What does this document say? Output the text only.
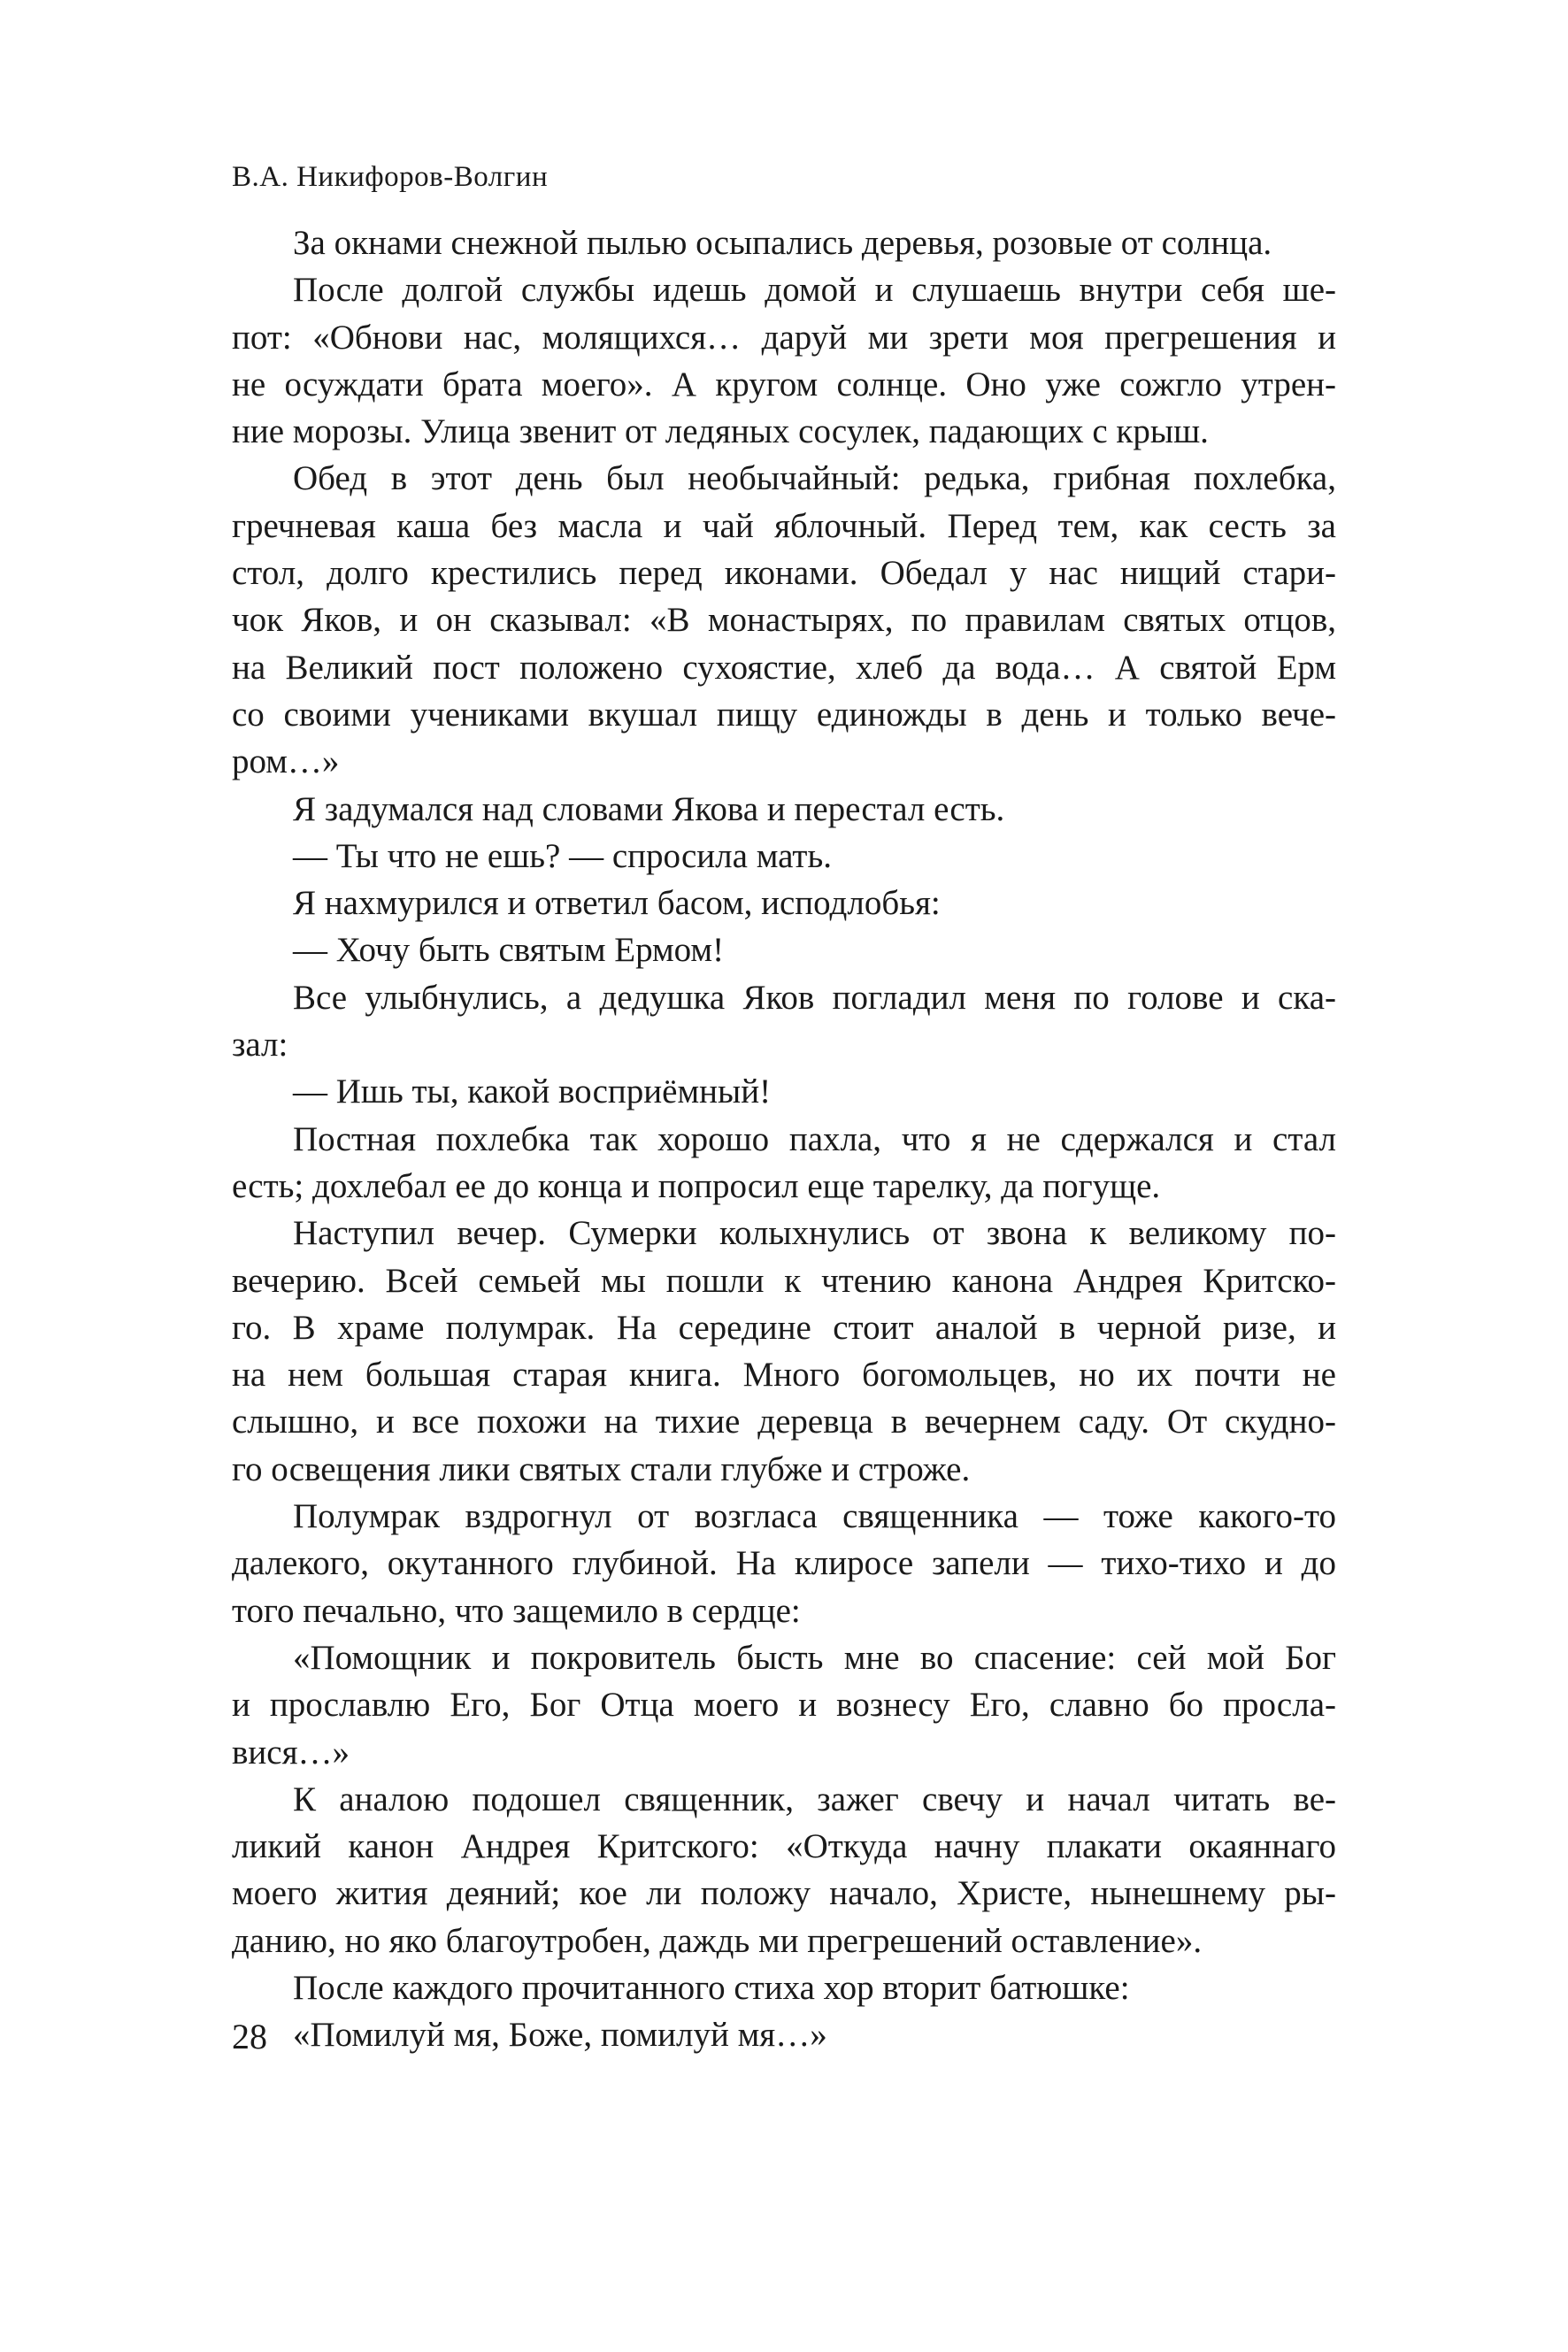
В.А. Никифоров-Волгин
За окнами снежной пылью осыпались деревья, розовые от солнца.
После долгой службы идешь домой и слушаешь внутри себя ше-
пот: «Обнови нас, молящихся… даруй ми зрети моя прегрешения и
не осуждати брата моего». А кругом солнце. Оно уже сожгло утрен-
ние морозы. Улица звенит от ледяных сосулек, падающих с крыш.
Обед в этот день был необычайный: редька, грибная похлебка,
гречневая каша без масла и чай яблочный. Перед тем, как сесть за
стол, долго крестились перед иконами. Обедал у нас нищий стари-
чок Яков, и он сказывал: «В монастырях, по правилам святых отцов,
на Великий пост положено сухоястие, хлеб да вода… А святой Ерм
со своими учениками вкушал пищу единожды в день и только вече-
ром…»
Я задумался над словами Якова и перестал есть.
— Ты что не ешь? — спросила мать.
Я нахмурился и ответил басом, исподлобья:
— Хочу быть святым Ермом!
Все улыбнулись, а дедушка Яков погладил меня по голове и ска-
зал:
— Ишь ты, какой восприёмный!
Постная похлебка так хорошо пахла, что я не сдержался и стал
есть; дохлебал ее до конца и попросил еще тарелку, да погуще.
Наступил вечер. Сумерки колыхнулись от звона к великому по-
вечерию. Всей семьей мы пошли к чтению канона Андрея Критско-
го. В храме полумрак. На середине стоит аналой в черной ризе, и
на нем большая старая книга. Много богомольцев, но их почти не
слышно, и все похожи на тихие деревца в вечернем саду. От скудно-
го освещения лики святых стали глубже и строже.
Полумрак вздрогнул от возгласа священника — тоже какого-то
далекого, окутанного глубиной. На клиросе запели — тихо-тихо и до
того печально, что защемило в сердце:
«Помощник и покровитель бысть мне во спасение: сей мой Бог
и прославлю Его, Бог Отца моего и вознесу Его, славно бо просла-
вися…»
К аналою подошел священник, зажег свечу и начал читать ве-
ликий канон Андрея Критского: «Откуда начну плакати окаяннаго
моего жития деяний; кое ли положу начало, Христе, нынешнему ры-
данию, но яко благоутробен, даждь ми прегрешений оставление».
После каждого прочитанного стиха хор вторит батюшке:
«Помилуй мя, Боже, помилуй мя…»
28
